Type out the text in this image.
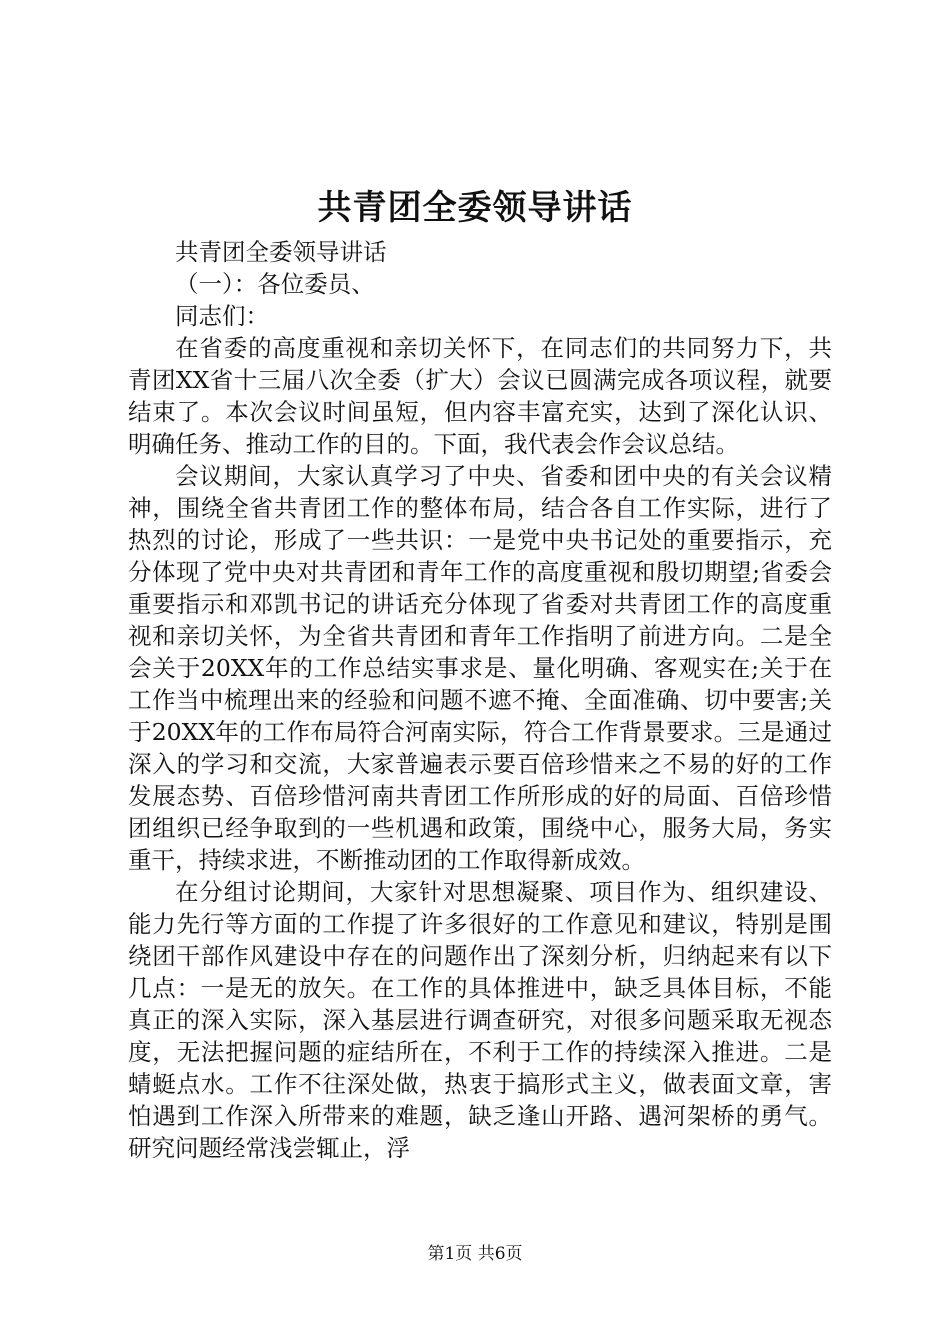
共青团全委领导讲话
共青团全委领导讲话
（一）：各位委员、
同志们：

在省委的高度重视和亲切关怀下，在同志们的共同努力下，共青团XX省十三届八次全委（扩大）会议已圆满完成各项议程，就要结束了。本次会议时间虽短，但内容丰富充实，达到了深化认识、明确任务、推动工作的目的。下面，我代表会作会议总结。

会议期间，大家认真学习了中央、省委和团中央的有关会议精神，围绕全省共青团工作的整体布局，结合各自工作实际，进行了热烈的讨论，形成了一些共识：一是党中央书记处的重要指示，充分体现了党中央对共青团和青年工作的高度重视和殷切期望;省委会重要指示和邓凯书记的讲话充分体现了省委对共青团工作的高度重视和亲切关怀，为全省共青团和青年工作指明了前进方向。二是全会关于20XX年的工作总结实事求是、量化明确、客观实在;关于在工作当中梳理出来的经验和问题不遮不掩、全面准确、切中要害;关于20XX年的工作布局符合河南实际，符合工作背景要求。三是通过深入的学习和交流，大家普遍表示要百倍珍惜来之不易的好的工作发展态势、百倍珍惜河南共青团工作所形成的好的局面、百倍珍惜团组织已经争取到的一些机遇和政策，围绕中心，服务大局，务实重干，持续求进，不断推动团的工作取得新成效。

在分组讨论期间，大家针对思想凝聚、项目作为、组织建设、能力先行等方面的工作提了许多很好的工作意见和建议，特别是围绕团干部作风建设中存在的问题作出了深刻分析，归纳起来有以下几点：一是无的放矢。在工作的具体推进中，缺乏具体目标，不能真正的深入实际，深入基层进行调查研究，对很多问题采取无视态度，无法把握问题的症结所在，不利于工作的持续深入推进。二是蜻蜓点水。工作不往深处做，热衷于搞形式主义，做表面文章，害怕遇到工作深入所带来的难题，缺乏逢山开路、遇河架桥的勇气。研究问题经常浅尝辄止，浮

第1页 共6页
